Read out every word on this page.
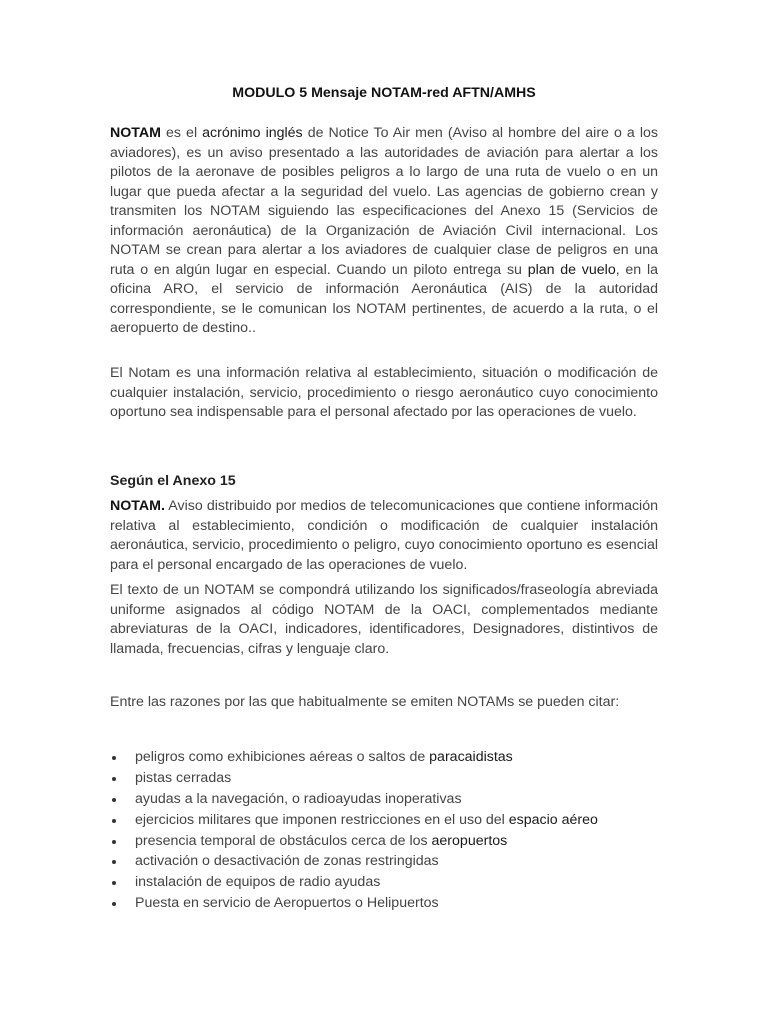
MODULO 5 Mensaje NOTAM-red AFTN/AMHS

NOTAM es el acrónimo inglés de Notice To Air men (Aviso al hombre del aire o a los aviadores), es un aviso presentado a las autoridades de aviación para alertar a los pilotos de la aeronave de posibles peligros a lo largo de una ruta de vuelo o en un lugar que pueda afectar a la seguridad del vuelo. Las agencias de gobierno crean y transmiten los NOTAM siguiendo las especificaciones del Anexo 15 (Servicios de información aeronáutica) de la Organización de Aviación Civil internacional. Los NOTAM se crean para alertar a los aviadores de cualquier clase de peligros en una ruta o en algún lugar en especial. Cuando un piloto entrega su plan de vuelo, en la oficina ARO, el servicio de información Aeronáutica (AIS) de la autoridad correspondiente, se le comunican los NOTAM pertinentes, de acuerdo a la ruta, o el aeropuerto de destino..

El Notam es una información relativa al establecimiento, situación o modificación de cualquier instalación, servicio, procedimiento o riesgo aeronáutico cuyo conocimiento oportuno sea indispensable para el personal afectado por las operaciones de vuelo.

Según el Anexo 15

NOTAM. Aviso distribuido por medios de telecomunicaciones que contiene información relativa al establecimiento, condición o modificación de cualquier instalación aeronáutica, servicio, procedimiento o peligro, cuyo conocimiento oportuno es esencial para el personal encargado de las operaciones de vuelo.

El texto de un NOTAM se compondrá utilizando los significados/fraseología abreviada uniforme asignados al código NOTAM de la OACI, complementados mediante abreviaturas de la OACI, indicadores, identificadores, Designadores, distintivos de llamada, frecuencias, cifras y lenguaje claro.

Entre las razones por las que habitualmente se emiten NOTAMs se pueden citar:

peligros como exhibiciones aéreas o saltos de paracaidistas
pistas cerradas
ayudas a la navegación, o radioayudas inoperativas
ejercicios militares que imponen restricciones en el uso del espacio aéreo
presencia temporal de obstáculos cerca de los aeropuertos
activación o desactivación de zonas restringidas
instalación de equipos de radio ayudas
Puesta en servicio de Aeropuertos o Helipuertos
